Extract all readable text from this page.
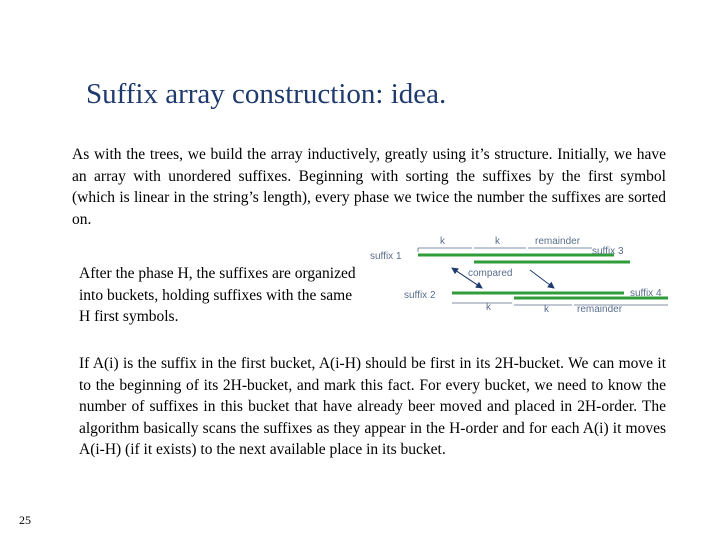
Suffix array construction: idea.

As with the trees, we build the array inductively, greatly using it’s structure. Initially, we have an array with unordered suffixes. Beginning with sorting the suffixes by the first symbol (which is linear in the string’s length), every phase we twice the number the suffixes are sorted on.

After the phase H, the suffixes are organized into buckets, holding suffixes with the same H first symbols.

k	k	remainder
suffix 1	suffix 3
compared
suffix 2	suffix 4
k	k	remainder

If A(i) is the suffix in the first bucket, A(i-H) should be first in its 2H-bucket. We can move it to the beginning of its 2H-bucket, and mark this fact. For every bucket, we need to know the number of suffixes in this bucket that have already beer moved and placed in 2H-order. The algorithm basically scans the suffixes as they appear in the H-order and for each A(i) it moves A(i-H) (if it exists) to the next available place in its bucket.

25
